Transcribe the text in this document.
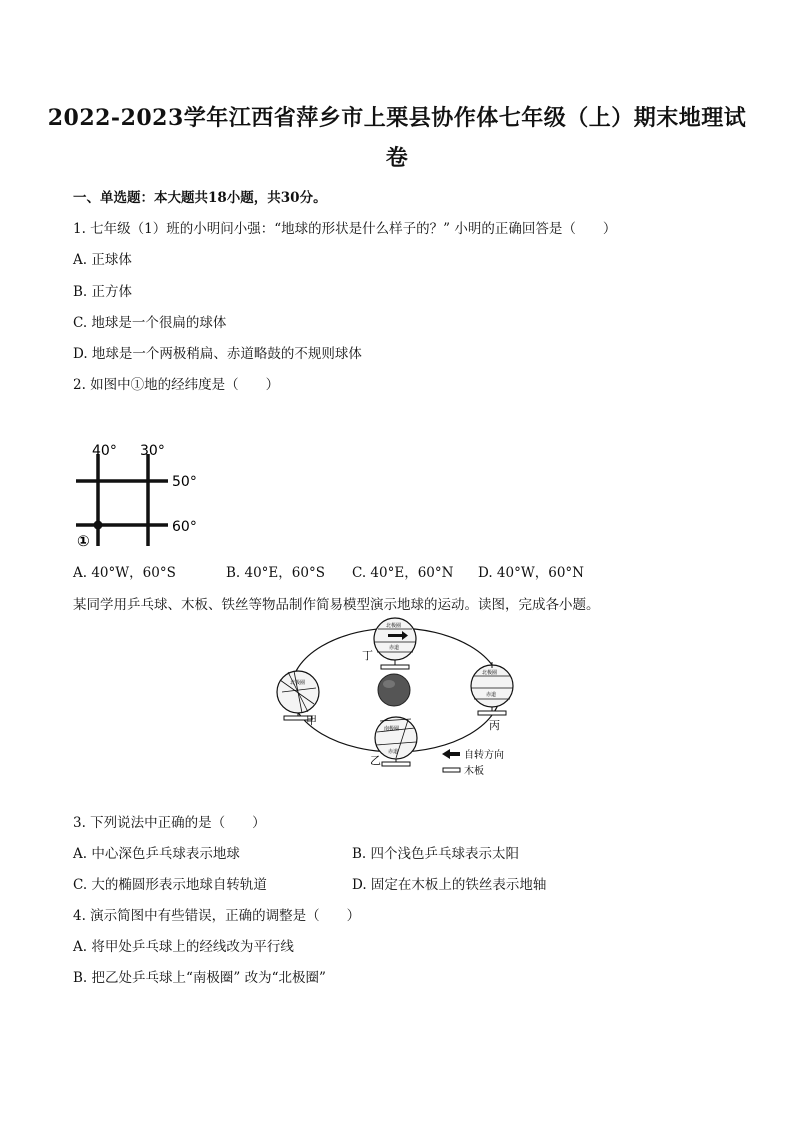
2022-2023学年江西省萍乡市上栗县协作体七年级（上）期末地理试
卷
一、单选题：本大题共18小题，共30分。
1. 七年级（1）班的小明问小强：“地球的形状是什么样子的？” 小明的正确回答是（　　）
A. 正球体
B. 正方体
C. 地球是一个很扁的球体
D. 地球是一个两极稍扁、赤道略鼓的不规则球体
2. 如图中①地的经纬度是（　　）
40° 30°
50°
60°
①
A. 40°W，60°S	B. 40°E，60°S C. 40°E，60°N D. 40°W，60°N
某同学用乒乓球、木板、铁丝等物品制作简易模型演示地球的运动。读图，完成各小题。
北极圈
赤道
丁
北极圈
甲
北极圈
赤道
丙
南极圈
赤道
乙	自转方向
木板
3. 下列说法中正确的是（　　）
A. 中心深色乒乓球表示地球	B. 四个浅色乒乓球表示太阳
C. 大的椭圆形表示地球自转轨道	D. 固定在木板上的铁丝表示地轴
4. 演示简图中有些错误，正确的调整是（　　）
A. 将甲处乒乓球上的经线改为平行线
B. 把乙处乒乓球上“南极圈” 改为“北极圈”
